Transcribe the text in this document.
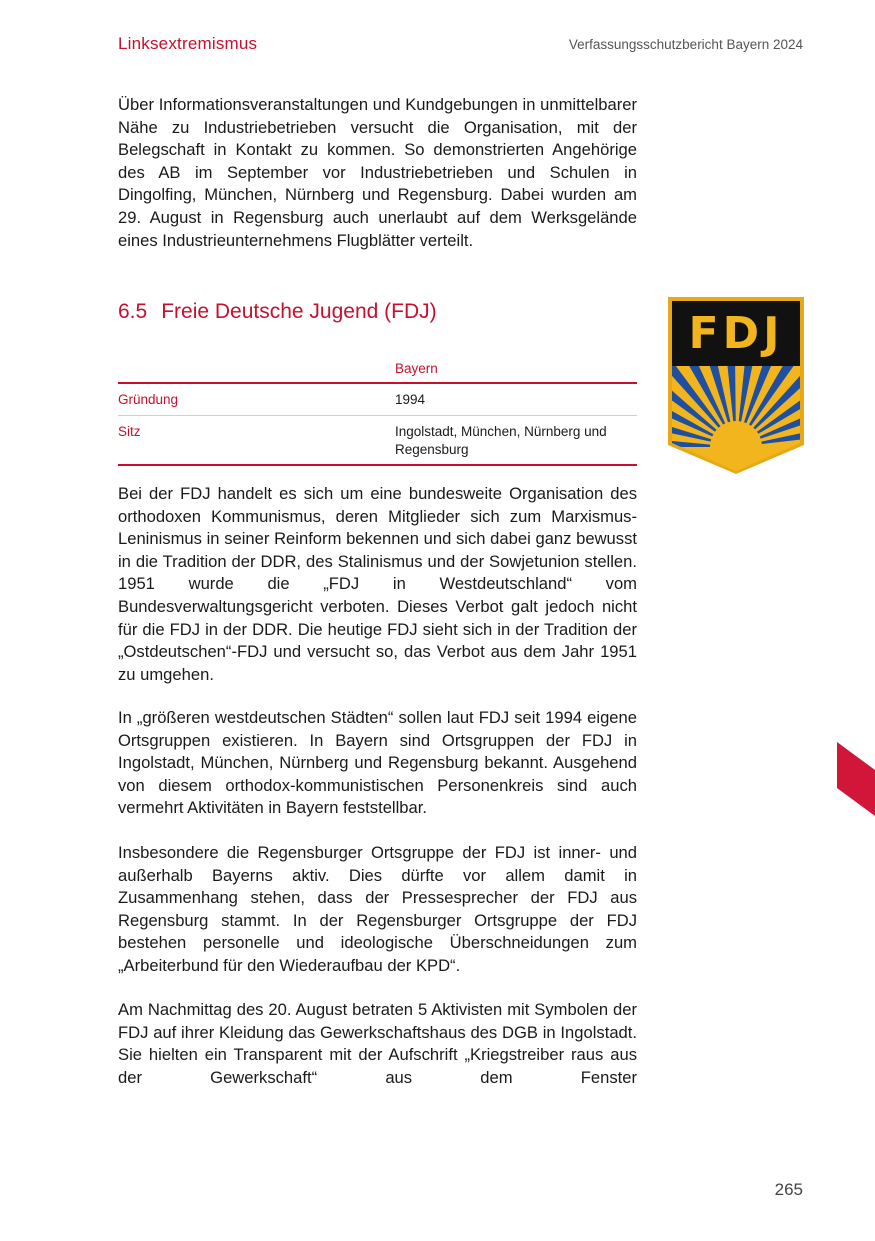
Linksextremismus	Verfassungsschutzbericht Bayern 2024

Über Informationsveranstaltungen und Kundgebungen in unmittelbarer Nähe zu Industriebetrieben versucht die Organisation, mit der Belegschaft in Kontakt zu kommen. So demonstrierten Angehörige des AB im September vor Industriebetrieben und Schulen in Dingolfing, München, Nürnberg und Regensburg. Dabei wurden am 29. August in Regensburg auch unerlaubt auf dem Werksgelände eines Industrieunternehmens Flugblätter verteilt.

6.5 Freie Deutsche Jugend (FDJ)
	Bayern
Gründung	1994
Sitz	Ingolstadt, München, Nürnberg und Regensburg
FDJ

Bei der FDJ handelt es sich um eine bundesweite Organisation des orthodoxen Kommunismus, deren Mitglieder sich zum Marxismus-Leninismus in seiner Reinform bekennen und sich dabei ganz bewusst in die Tradition der DDR, des Stalinismus und der Sowjetunion stellen. 1951 wurde die „FDJ in Westdeutschland“ vom Bundesverwaltungsgericht verboten. Dieses Verbot galt jedoch nicht für die FDJ in der DDR. Die heutige FDJ sieht sich in der Tradition der „Ostdeutschen“-FDJ und versucht so, das Verbot aus dem Jahr 1951 zu umgehen.

In „größeren westdeutschen Städten“ sollen laut FDJ seit 1994 eigene Ortsgruppen existieren. In Bayern sind Ortsgruppen der FDJ in Ingolstadt, München, Nürnberg und Regensburg bekannt. Ausgehend von diesem orthodox-kommunistischen Personenkreis sind auch vermehrt Aktivitäten in Bayern feststellbar.

Insbesondere die Regensburger Ortsgruppe der FDJ ist inner- und außerhalb Bayerns aktiv. Dies dürfte vor allem damit in Zusammenhang stehen, dass der Pressesprecher der FDJ aus Regensburg stammt. In der Regensburger Ortsgruppe der FDJ bestehen personelle und ideologische Überschneidungen zum „Arbeiterbund für den Wiederaufbau der KPD“.

Am Nachmittag des 20. August betraten 5 Aktivisten mit Symbolen der FDJ auf ihrer Kleidung das Gewerkschaftshaus des DGB in Ingolstadt. Sie hielten ein Transparent mit der Aufschrift „Kriegstreiber raus aus der Gewerkschaft“ aus dem Fenster

265
